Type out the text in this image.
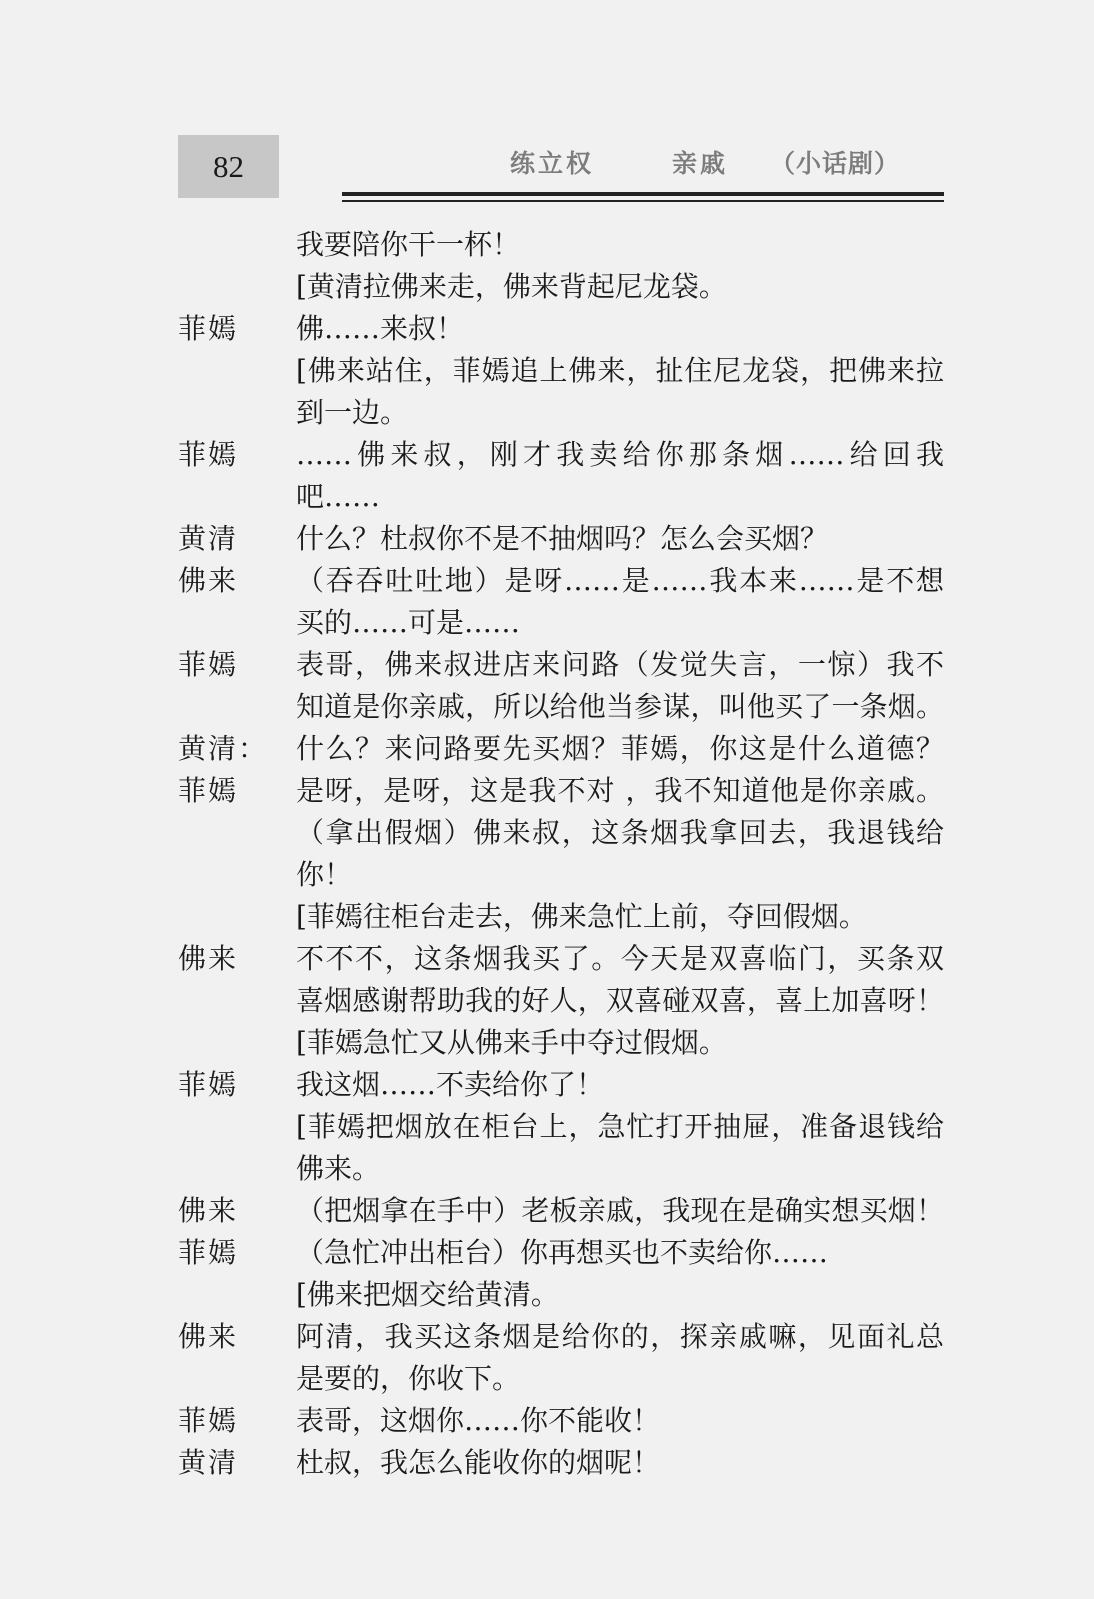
82	练立权	亲戚 （小话剧）
我要陪你干一杯！
[黄清拉佛来走，佛来背起尼龙袋。
菲嫣 佛……来叔！
[佛来站住，菲嫣追上佛来，扯住尼龙袋，把佛来拉
到一边。
菲嫣 ……佛来叔，刚才我卖给你那条烟……给回我
吧……
黄清 什么？杜叔你不是不抽烟吗？怎么会买烟？
佛来 （吞吞吐吐地）是呀……是……我本来……是不想
买的……可是……
菲嫣 表哥，佛来叔进店来问路（发觉失言，一惊）我不
知道是你亲戚，所以给他当参谋，叫他买了一条烟。
黄清： 什么？来问路要先买烟？菲嫣，你这是什么道德？
菲嫣 是呀，是呀，这是我不对 ，我不知道他是你亲戚。
（拿出假烟）佛来叔，这条烟我拿回去，我退钱给
你！
[菲嫣往柜台走去，佛来急忙上前，夺回假烟。
佛来 不不不，这条烟我买了。今天是双喜临门，买条双
喜烟感谢帮助我的好人，双喜碰双喜，喜上加喜呀！
[菲嫣急忙又从佛来手中夺过假烟。
菲嫣 我这烟……不卖给你了！
[菲嫣把烟放在柜台上，急忙打开抽屉，准备退钱给
佛来。
佛来 （把烟拿在手中）老板亲戚，我现在是确实想买烟！
菲嫣 （急忙冲出柜台）你再想买也不卖给你……
[佛来把烟交给黄清。
佛来 阿清，我买这条烟是给你的，探亲戚嘛，见面礼总
是要的，你收下。
菲嫣 表哥，这烟你……你不能收！
黄清 杜叔，我怎么能收你的烟呢！
